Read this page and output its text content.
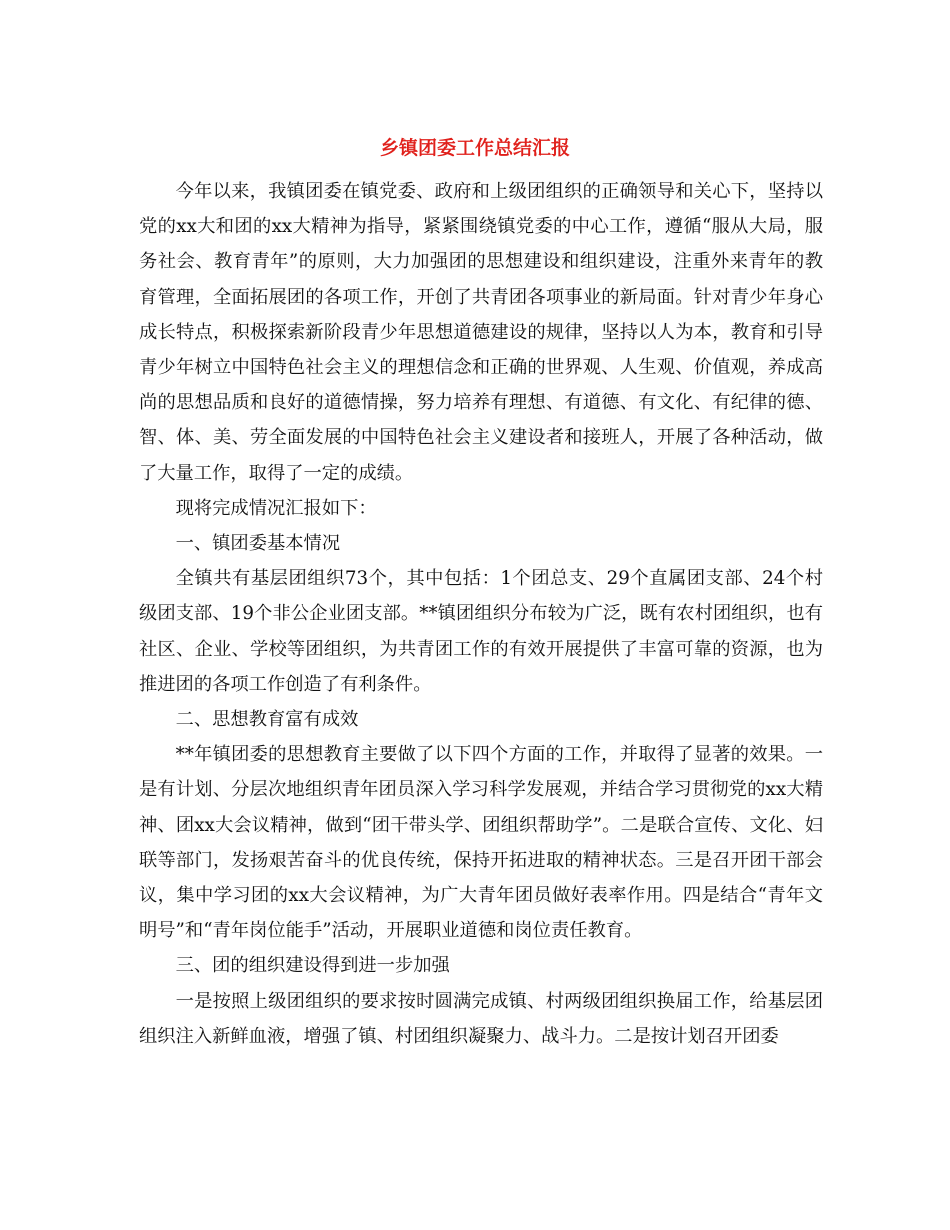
乡镇团委工作总结汇报

今年以来，我镇团委在镇党委、政府和上级团组织的正确领导和关心下，坚持以党的xx大和团的xx大精神为指导，紧紧围绕镇党委的中心工作，遵循“服从大局，服务社会、教育青年”的原则，大力加强团的思想建设和组织建设，注重外来青年的教育管理，全面拓展团的各项工作，开创了共青团各项事业的新局面。针对青少年身心成长特点，积极探索新阶段青少年思想道德建设的规律，坚持以人为本，教育和引导青少年树立中国特色社会主义的理想信念和正确的世界观、人生观、价值观，养成高尚的思想品质和良好的道德情操，努力培养有理想、有道德、有文化、有纪律的德、智、体、美、劳全面发展的中国特色社会主义建设者和接班人，开展了各种活动，做了大量工作，取得了一定的成绩。

现将完成情况汇报如下：

一、镇团委基本情况

全镇共有基层团组织73个，其中包括：1个团总支、29个直属团支部、24个村级团支部、19个非公企业团支部。**镇团组织分布较为广泛，既有农村团组织，也有社区、企业、学校等团组织，为共青团工作的有效开展提供了丰富可靠的资源，也为推进团的各项工作创造了有利条件。

二、思想教育富有成效

**年镇团委的思想教育主要做了以下四个方面的工作，并取得了显著的效果。一是有计划、分层次地组织青年团员深入学习科学发展观，并结合学习贯彻党的xx大精神、团xx大会议精神，做到“团干带头学、团组织帮助学”。二是联合宣传、文化、妇联等部门，发扬艰苦奋斗的优良传统，保持开拓进取的精神状态。三是召开团干部会议，集中学习团的xx大会议精神，为广大青年团员做好表率作用。四是结合“青年文明号”和“青年岗位能手”活动，开展职业道德和岗位责任教育。

三、团的组织建设得到进一步加强

一是按照上级团组织的要求按时圆满完成镇、村两级团组织换届工作，给基层团组织注入新鲜血液，增强了镇、村团组织凝聚力、战斗力。二是按计划召开团委
